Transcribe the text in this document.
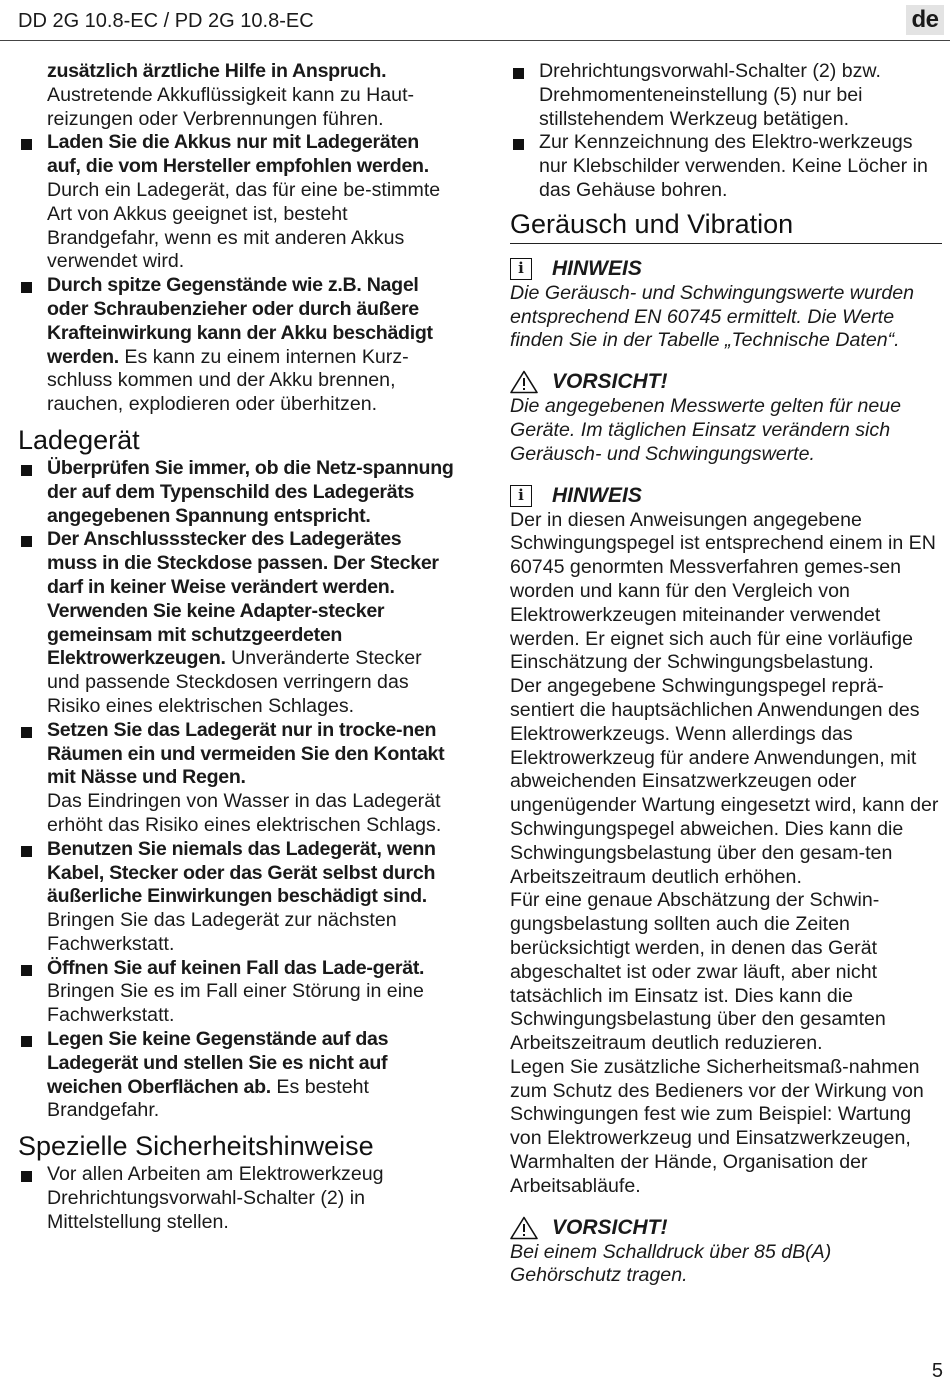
DD 2G 10.8-EC / PD 2G 10.8-EC	de

zusätzlich ärztliche Hilfe in Anspruch.
Austretende Akkuflüssigkeit kann zu Haut-reizungen oder Verbrennungen führen.

Laden Sie die Akkus nur mit Ladegeräten auf, die vom Hersteller empfohlen werden.
Durch ein Ladegerät, das für eine be-stimmte Art von Akkus geeignet ist, besteht Brandgefahr, wenn es mit anderen Akkus verwendet wird.
Durch spitze Gegenstände wie z.B. Nagel oder Schraubenzieher oder durch äußere Krafteinwirkung kann der Akku beschädigt werden. Es kann zu einem internen Kurz-schluss kommen und der Akku brennen, rauchen, explodieren oder überhitzen.
Ladegerät
Überprüfen Sie immer, ob die Netz-spannung der auf dem Typenschild des Ladegeräts angegebenen Spannung entspricht.
Der Anschlussstecker des Ladegerätes muss in die Steckdose passen. Der Stecker darf in keiner Weise verändert werden. Verwenden Sie keine Adapter-stecker gemeinsam mit schutzgeerdeten Elektrowerkzeugen. Unveränderte Stecker und passende Steckdosen verringern das Risiko eines elektrischen Schlages.
Setzen Sie das Ladegerät nur in trocke-nen Räumen ein und vermeiden Sie den Kontakt mit Nässe und Regen.
Das Eindringen von Wasser in das Ladegerät erhöht das Risiko eines elektrischen Schlags.
Benutzen Sie niemals das Ladegerät, wenn Kabel, Stecker oder das Gerät selbst durch äußerliche Einwirkungen beschädigt sind. Bringen Sie das Ladegerät zur nächsten Fachwerkstatt.
Öffnen Sie auf keinen Fall das Lade-gerät. Bringen Sie es im Fall einer Störung in eine Fachwerkstatt.
Legen Sie keine Gegenstände auf das Ladegerät und stellen Sie es nicht auf weichen Oberflächen ab. Es besteht Brandgefahr.
Spezielle Sicherheitshinweise
Vor allen Arbeiten am Elektrowerkzeug Drehrichtungsvorwahl-Schalter (2) in Mittelstellung stellen.
Drehrichtungsvorwahl-Schalter (2) bzw. Drehmomenteneinstellung (5) nur bei stillstehendem Werkzeug betätigen.
Zur Kennzeichnung des Elektro-werkzeugs nur Klebschilder verwenden. Keine Löcher in das Gehäuse bohren.
Geräusch und Vibration
i	HINWEIS

Die Geräusch- und Schwingungswerte wurden entsprechend EN 60745 ermittelt. Die Werte finden Sie in der Tabelle „Technische Daten“.

VORSICHT!

Die angegebenen Messwerte gelten für neue Geräte. Im täglichen Einsatz verändern sich Geräusch- und Schwingungswerte.

i	HINWEIS

Der in diesen Anweisungen angegebene Schwingungspegel ist entsprechend einem in EN 60745 genormten Messverfahren gemes-sen worden und kann für den Vergleich von Elektrowerkzeugen miteinander verwendet werden. Er eignet sich auch für eine vorläufige Einschätzung der Schwingungsbelastung.

Der angegebene Schwingungspegel reprä-sentiert die hauptsächlichen Anwendungen des Elektrowerkzeugs. Wenn allerdings das Elektrowerkzeug für andere Anwendungen, mit abweichenden Einsatzwerkzeugen oder ungenügender Wartung eingesetzt wird, kann der Schwingungspegel abweichen. Dies kann die Schwingungsbelastung über den gesam-ten Arbeitszeitraum deutlich erhöhen.

Für eine genaue Abschätzung der Schwin-gungsbelastung sollten auch die Zeiten berücksichtigt werden, in denen das Gerät abgeschaltet ist oder zwar läuft, aber nicht tatsächlich im Einsatz ist. Dies kann die Schwingungsbelastung über den gesamten Arbeitszeitraum deutlich reduzieren.

Legen Sie zusätzliche Sicherheitsmaß-nahmen zum Schutz des Bedieners vor der Wirkung von Schwingungen fest wie zum Beispiel: Wartung von Elektrowerkzeug und Einsatzwerkzeugen, Warmhalten der Hände, Organisation der Arbeitsabläufe.

VORSICHT!

Bei einem Schalldruck über 85 dB(A) Gehörschutz tragen.

5
